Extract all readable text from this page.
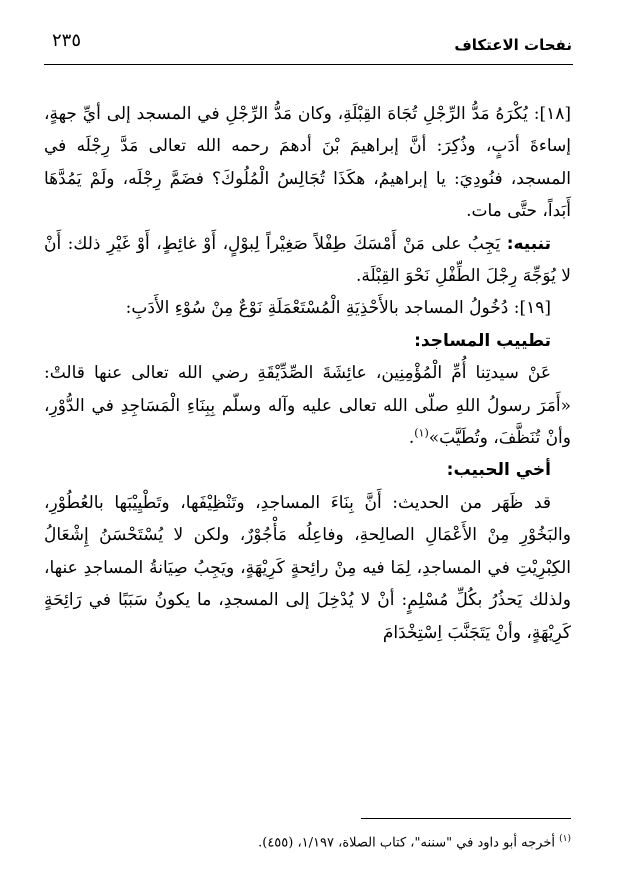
نفحات الاعتكاف
٢٣٥

[١٨]: يُكْرَهُ مَدُّ الرِّجْلِ تُجَاهَ القِبْلَةِ، وكان مَدُّ الرِّجْلِ في المسجد إلى أيِّ جهةٍ، إساءةَ أدَبٍ، وذُكِرَ: أنَّ إبراهيمَ بْنَ أدهمَ رحمه الله تعالى مَدَّ رِجْلَه في المسجد، فنُودِيَ: يا إبراهيمُ، هكَذَا تُجَالِسُ الْمُلُوكَ؟ فضَمَّ رِجْلَه، ولَمْ يَمُدَّهَا أَبَداً، حتَّى مات.

تنبيه: يَجِبُ على مَنْ أَمْسَكَ طِفْلاً صَغِيْراً لِبوْلٍ، أَوْ غائِطٍ، أَوْ غَيْرِ ذلك: أَنْ لا يُوَجِّهَ رِجْلَ الطِّفْلِ نَحْوَ القِبْلَة.

[١٩]: دُخُولُ المساجد بالأَحْذِيَةِ الْمُسْتَعْمَلَةِ نَوْعٌ مِنْ سُوْءِ الأَدَبِ:

تطييب المساجد:

عَنْ سيدتِنا أُمِّ الْمُؤْمِنِين، عائِشَةَ الصِّدِّيْقَةِ رضي الله تعالى عنها قالتْ: «أَمَرَ رسولُ اللهِ صلّى الله تعالى عليه وآله وسلّم بِبِنَاءِ الْمَسَاجِدِ في الدُّوْرِ، وأنْ تُنَظَّفَ، وتُطَيَّبَ»$^{(١)}$.

أخي الحبيب:

قد ظَهَر من الحديث: أَنَّ بِنَاءَ المساجدِ، وتَنْظِيْفَها، وتَطْيِيْبَها بالعُطُوْرِ، والبَخُوْرِ مِنْ الأَعْمَالِ الصالِحةِ، وفاعِلُه مَأْجُوْرٌ، ولكن لا يُسْتَحْسَنُ إِشْعَالُ الكِبْرِيْتِ في المساجدِ، لِمَا فيه مِنْ رائِحةٍ كَرِيْهَةٍ، ويَجِبُ صِيَانةُ المساجدِ عنها، ولذلك يَحذُرُ بكُلِّ مُسْلِمٍ: أنْ لا يُدْخِلَ إلى المسجدِ، ما يكونُ سَبَبًا في رَائِحَةٍ كَرِيْهَةٍ، وأنْ يَتَجَنَّبَ اِسْتِخْدَامَ

$^{(١)}$ أخرجه أبو داود في "سننه"، كتاب الصلاة، ١/١٩٧، (٤٥٥).
